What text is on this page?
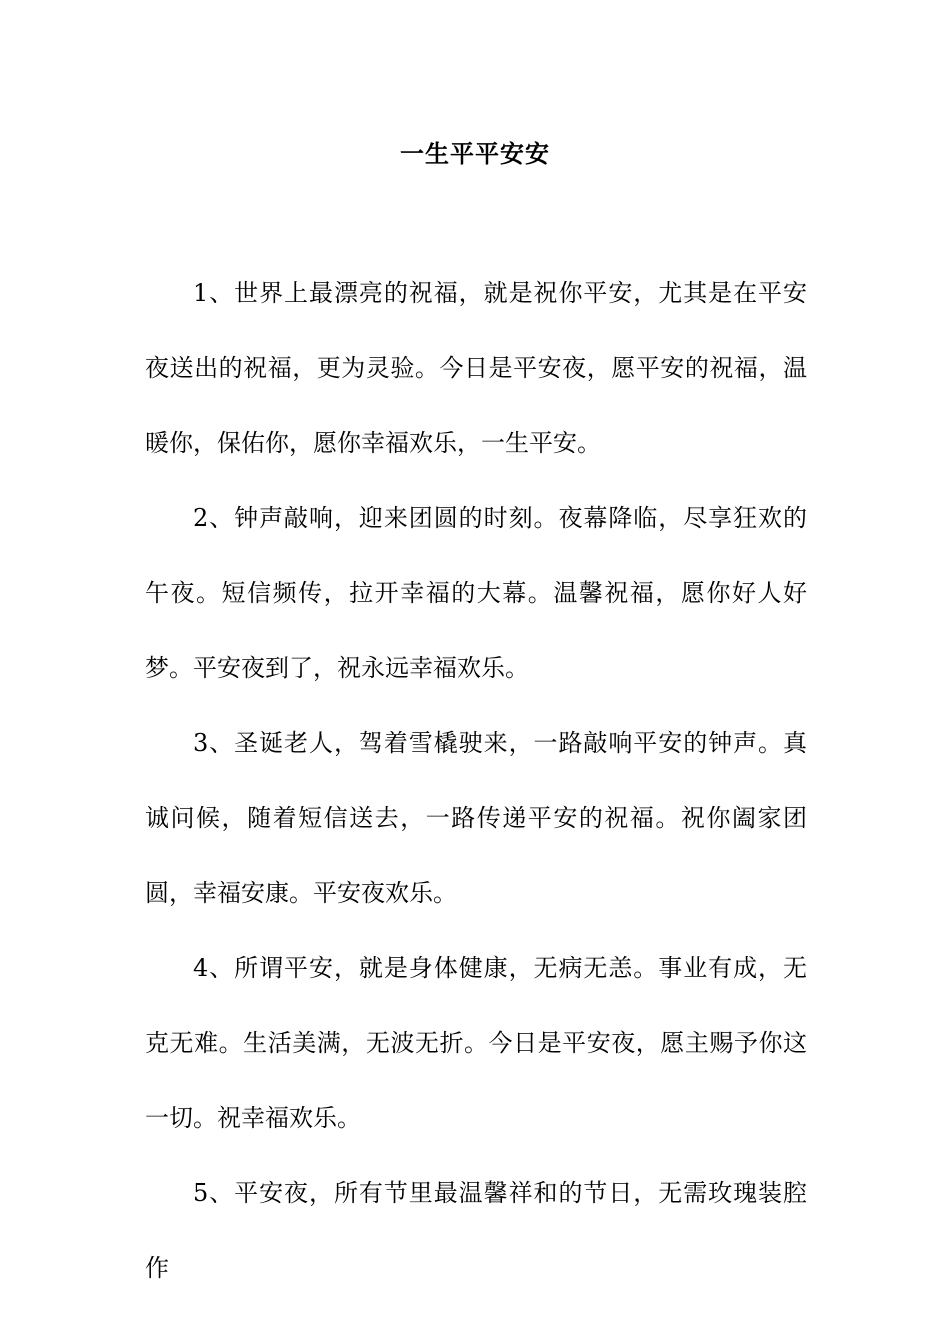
一生平平安安

1、世界上最漂亮的祝福，就是祝你平安，尤其是在平安夜送出的祝福，更为灵验。今日是平安夜，愿平安的祝福，温暖你，保佑你，愿你幸福欢乐，一生平安。

2、钟声敲响，迎来团圆的时刻。夜幕降临，尽享狂欢的午夜。短信频传，拉开幸福的大幕。温馨祝福，愿你好人好梦。平安夜到了，祝永远幸福欢乐。

3、圣诞老人，驾着雪橇驶来，一路敲响平安的钟声。真诚问候，随着短信送去，一路传递平安的祝福。祝你阖家团圆，幸福安康。平安夜欢乐。

4、所谓平安，就是身体健康，无病无恙。事业有成，无克无难。生活美满，无波无折。今日是平安夜，愿主赐予你这一切。祝幸福欢乐。

5、平安夜，所有节里最温馨祥和的节日，无需玫瑰装腔作
